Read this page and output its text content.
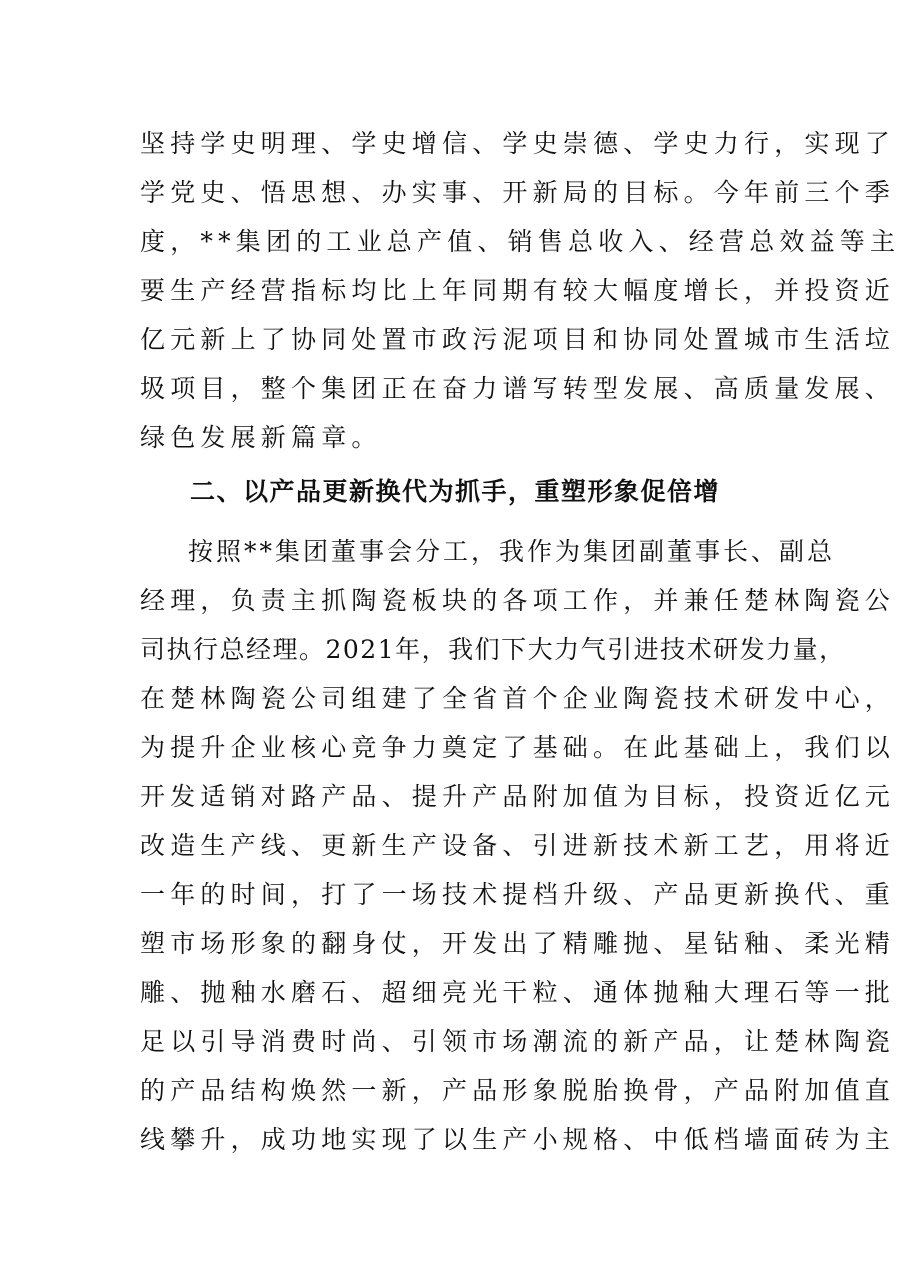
坚持学史明理、学史增信、学史崇德、学史力行，实现了
学党史、悟思想、办实事、开新局的目标。今年前三个季
度，**集团的工业总产值、销售总收入、经营总效益等主
要生产经营指标均比上年同期有较大幅度增长，并投资近
亿元新上了协同处置市政污泥项目和协同处置城市生活垃
圾项目，整个集团正在奋力谱写转型发展、高质量发展、
绿色发展新篇章。
二、以产品更新换代为抓手，重塑形象促倍增
按照**集团董事会分工，我作为集团副董事长、副总
经理，负责主抓陶瓷板块的各项工作，并兼任楚林陶瓷公
司执行总经理。2021年，我们下大力气引进技术研发力量，
在楚林陶瓷公司组建了全省首个企业陶瓷技术研发中心，
为提升企业核心竞争力奠定了基础。在此基础上，我们以
开发适销对路产品、提升产品附加值为目标，投资近亿元
改造生产线、更新生产设备、引进新技术新工艺，用将近
一年的时间，打了一场技术提档升级、产品更新换代、重
塑市场形象的翻身仗，开发出了精雕抛、星钻釉、柔光精
雕、抛釉水磨石、超细亮光干粒、通体抛釉大理石等一批
足以引导消费时尚、引领市场潮流的新产品，让楚林陶瓷
的产品结构焕然一新，产品形象脱胎换骨，产品附加值直
线攀升，成功地实现了以生产小规格、中低档墙面砖为主
